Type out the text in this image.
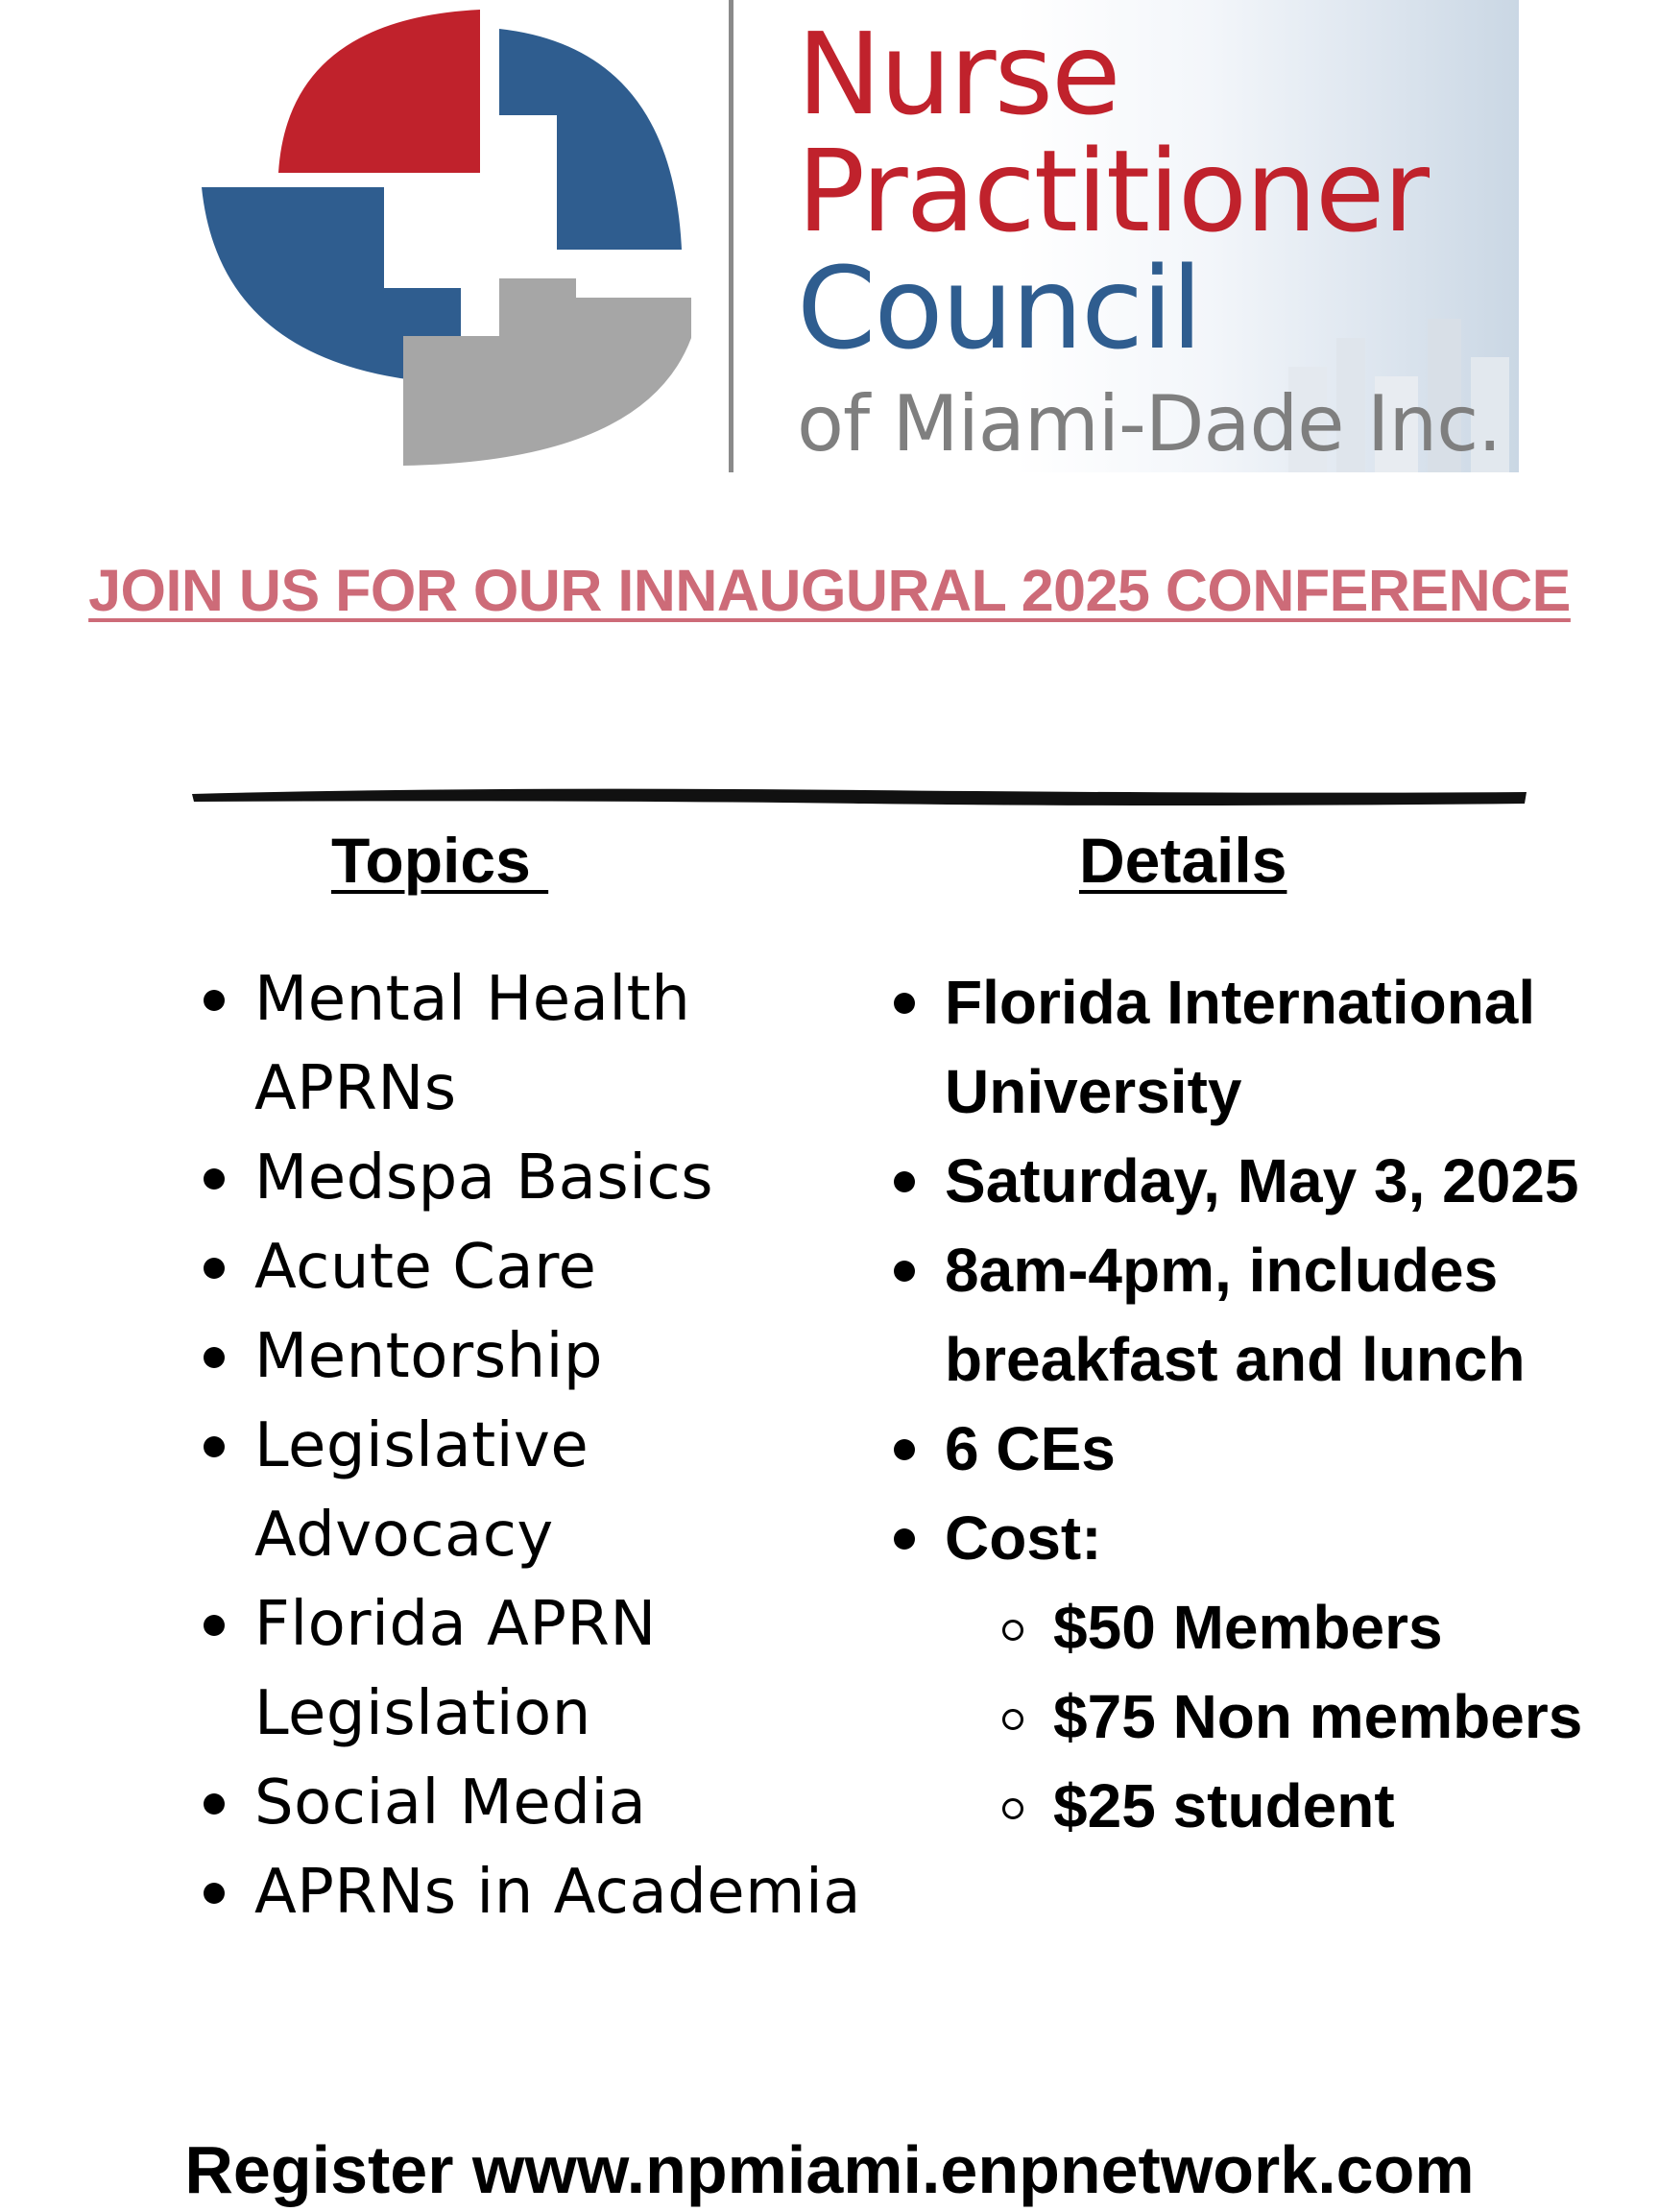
Nurse
Practitioner
Council
of Miami-Dade Inc.
JOIN US FOR OUR INNAUGURAL 2025 CONFERENCE
Topics	Details
Mental Health APRNs
Medspa Basics
Acute Care
Mentorship
Legislative Advocacy
Florida APRN Legislation
Social Media
APRNs in Academia
Florida International University
Saturday, May 3, 2025
8am-4pm, includes breakfast and lunch
6 CEs
Cost:
$50 Members
$75 Non members
$25 student
Register www.npmiami.enpnetwork.com
